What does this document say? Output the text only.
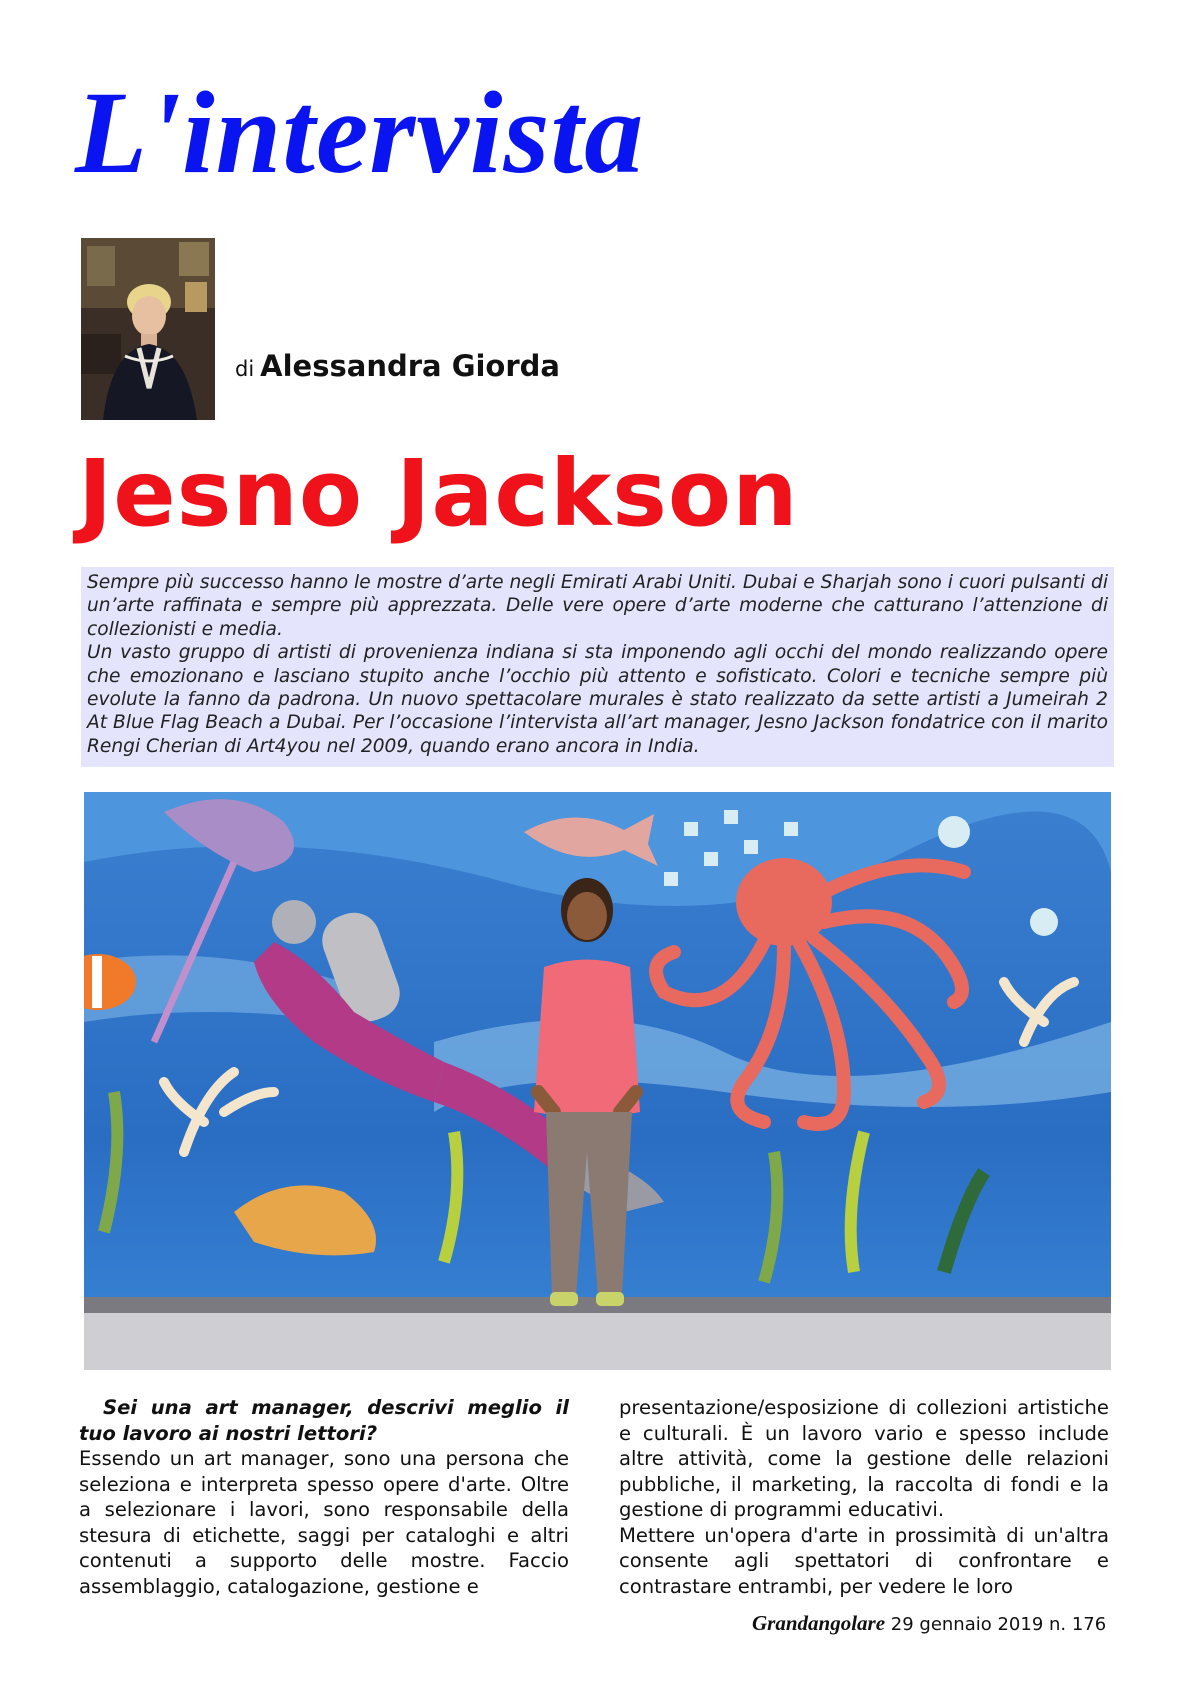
L'intervista
di Alessandra Giorda
Jesno Jackson

Sempre più successo hanno le mostre d’arte negli Emirati Arabi Uniti. Dubai e Sharjah sono i cuori pulsanti di un’arte raffinata e sempre più apprezzata. Delle vere opere d’arte moderne che catturano l’attenzione di collezionisti e media.

Un vasto gruppo di artisti di provenienza indiana si sta imponendo agli occhi del mondo realizzando opere che emozionano e lasciano stupito anche l’occhio più attento e sofisticato. Colori e tecniche sempre più evolute la fanno da padrona. Un nuovo spettacolare murales è stato realizzato da sette artisti a Jumeirah 2 At Blue Flag Beach a Dubai. Per l’occasione l’intervista all’art manager, Jesno Jackson fondatrice con il marito Rengi Cherian di Art4you nel 2009, quando erano ancora in India.

Sei una art manager, descrivi meglio il tuo lavoro ai nostri lettori?

Essendo un art manager, sono una persona che seleziona e interpreta spesso opere d'arte. Oltre a selezionare i lavori, sono responsabile della stesura di etichette, saggi per cataloghi e altri contenuti a supporto delle mostre. Faccio assemblaggio, catalogazione, gestione e

presentazione/esposizione di collezioni artistiche e culturali. È un lavoro vario e spesso include altre attività, come la gestione delle relazioni pubbliche, il marketing, la raccolta di fondi e la gestione di programmi educativi.

Mettere un'opera d'arte in prossimità di un'altra consente agli spettatori di confrontare e contrastare entrambi, per vedere le loro

Grandangolare 29 gennaio 2019 n. 176
